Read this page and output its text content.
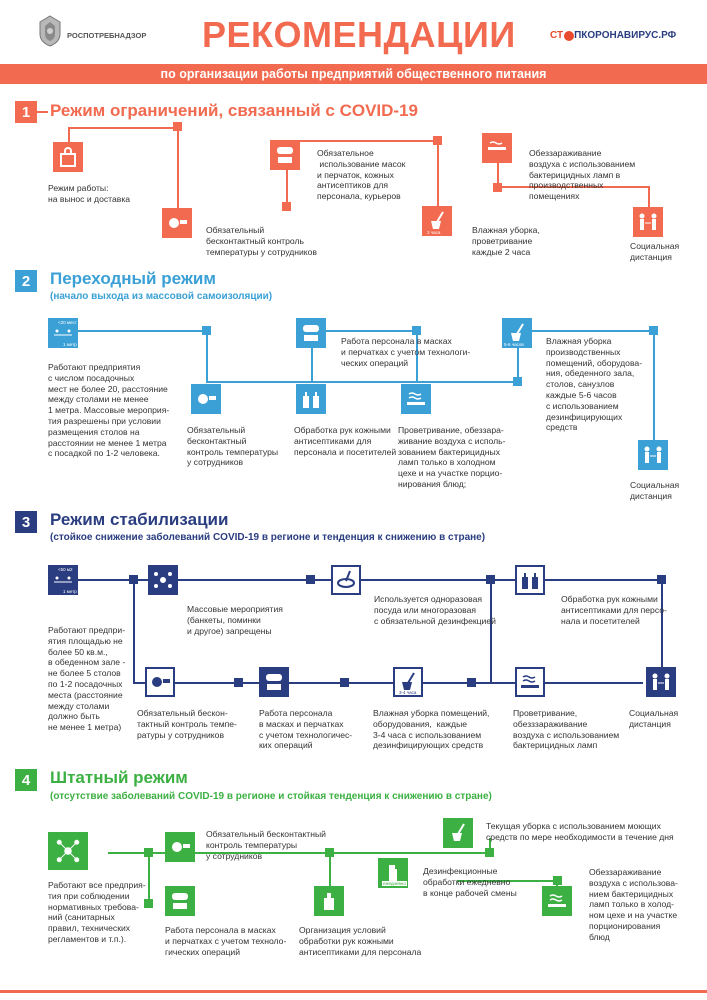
РОСПОТРЕБНАДЗОР РЕКОМЕНДАЦИИ	СТ ПКОРОНАВИРУС.РФ
по организации работы предприятий общественного питания
1	Режим ограничений, связанный с COVID-19
2 часа
Режим работы:
на вынос и доставка
Обязательный
бесконтактный контроль
температуры у сотрудников
Обязательное
использование масок
и перчаток, кожных
антисептиков для
персонала, курьеров
Влажная уборка,
проветривание
каждые 2 часа
Обеззараживание
воздуха с использованием
бактерицидных ламп в
производственных
помещениях
Социальная
дистанция
2	Переходный режим
(начало выхода из массовой самоизоляции)
<20 мест
1 метр	5-6 часов
Работают предприятия
с числом посадочных
мест не более 20, расстояние
между столами не менее
1 метра. Массовые мероприя-
тия разрешены при условии
размещения столов на
расстоянии не менее 1 метра
с посадкой по 1-2 человека.
Обязательный
бесконтактный
контроль температуры
у сотрудников
Работа персонала в масках
и перчатках с учетом технологи-
ческих операций
Обработка рук кожными
антисептиками для
персонала и посетителей
Проветривание, обеззара-
живание воздуха с исполь-
зованием бактерицидных
ламп только в холодном
цехе и на участке порцио-
нирования блюд;
Влажная уборка
производственных
помещений, оборудова-
ния, обеденного зала,
столов, санузлов
каждые 5-6 часов
с использованием
дезинфицирующих
средств
Социальная
дистанция
3	Режим стабилизации
(стойкое снижение заболеваний COVID-19 в регионе и тенденция к снижению в стране)
<50 м2
1 метр
3-4 часа
Работают предпри-
ятия площадью не
более 50 кв.м.,
в обеденном зале -
не более 5 столов
по 1-2 посадочных
места (расстояние
между столами
должно быть
не менее 1 метра)
Массовые мероприятия
(банкеты, поминки
и другое) запрещены
Используется одноразовая
посуда или многоразовая
с обязательной дезинфекцией
Обработка рук кожными
антисептиками для персо-
нала и посетителей
Обязательный бескон-
тактный контроль темпе-
ратуры у сотрудников
Работа персонала
в масках и перчатках
с учетом технологичес-
ких операций
Влажная уборка помещений,
оборудования,  каждые
3-4 часа с использованием
дезинфицирующих средств
Проветривание,
обезззараживание
воздуха с использованием
бактерицидных ламп
Социальная
дистанция
4	Штатный режим
(отсутствие заболеваний COVID-19 в регионе и стойкая тенденция к снижению в стране)
ежедневно
Работают все предприя-
тия при соблюдении
нормативных требова-
ний (санитарных
правил, технических
регламентов и т.п.).
Обязательный бесконтактный
контроль температуры
у сотрудников
Работа персонала в масках
и перчатках с учетом техноло-
гических операций
Организация условий
обработки рук кожными
антисептиками для персонала
Дезинфекционные
обработки ежедневно
в конце рабочей смены
Текущая уборка с использованием моющих
средств по мере необходимости в течение дня
Обеззараживание
воздуха с использова-
нием бактерицидных
ламп только в холод-
ном цехе и на участке
порционирования
блюд
